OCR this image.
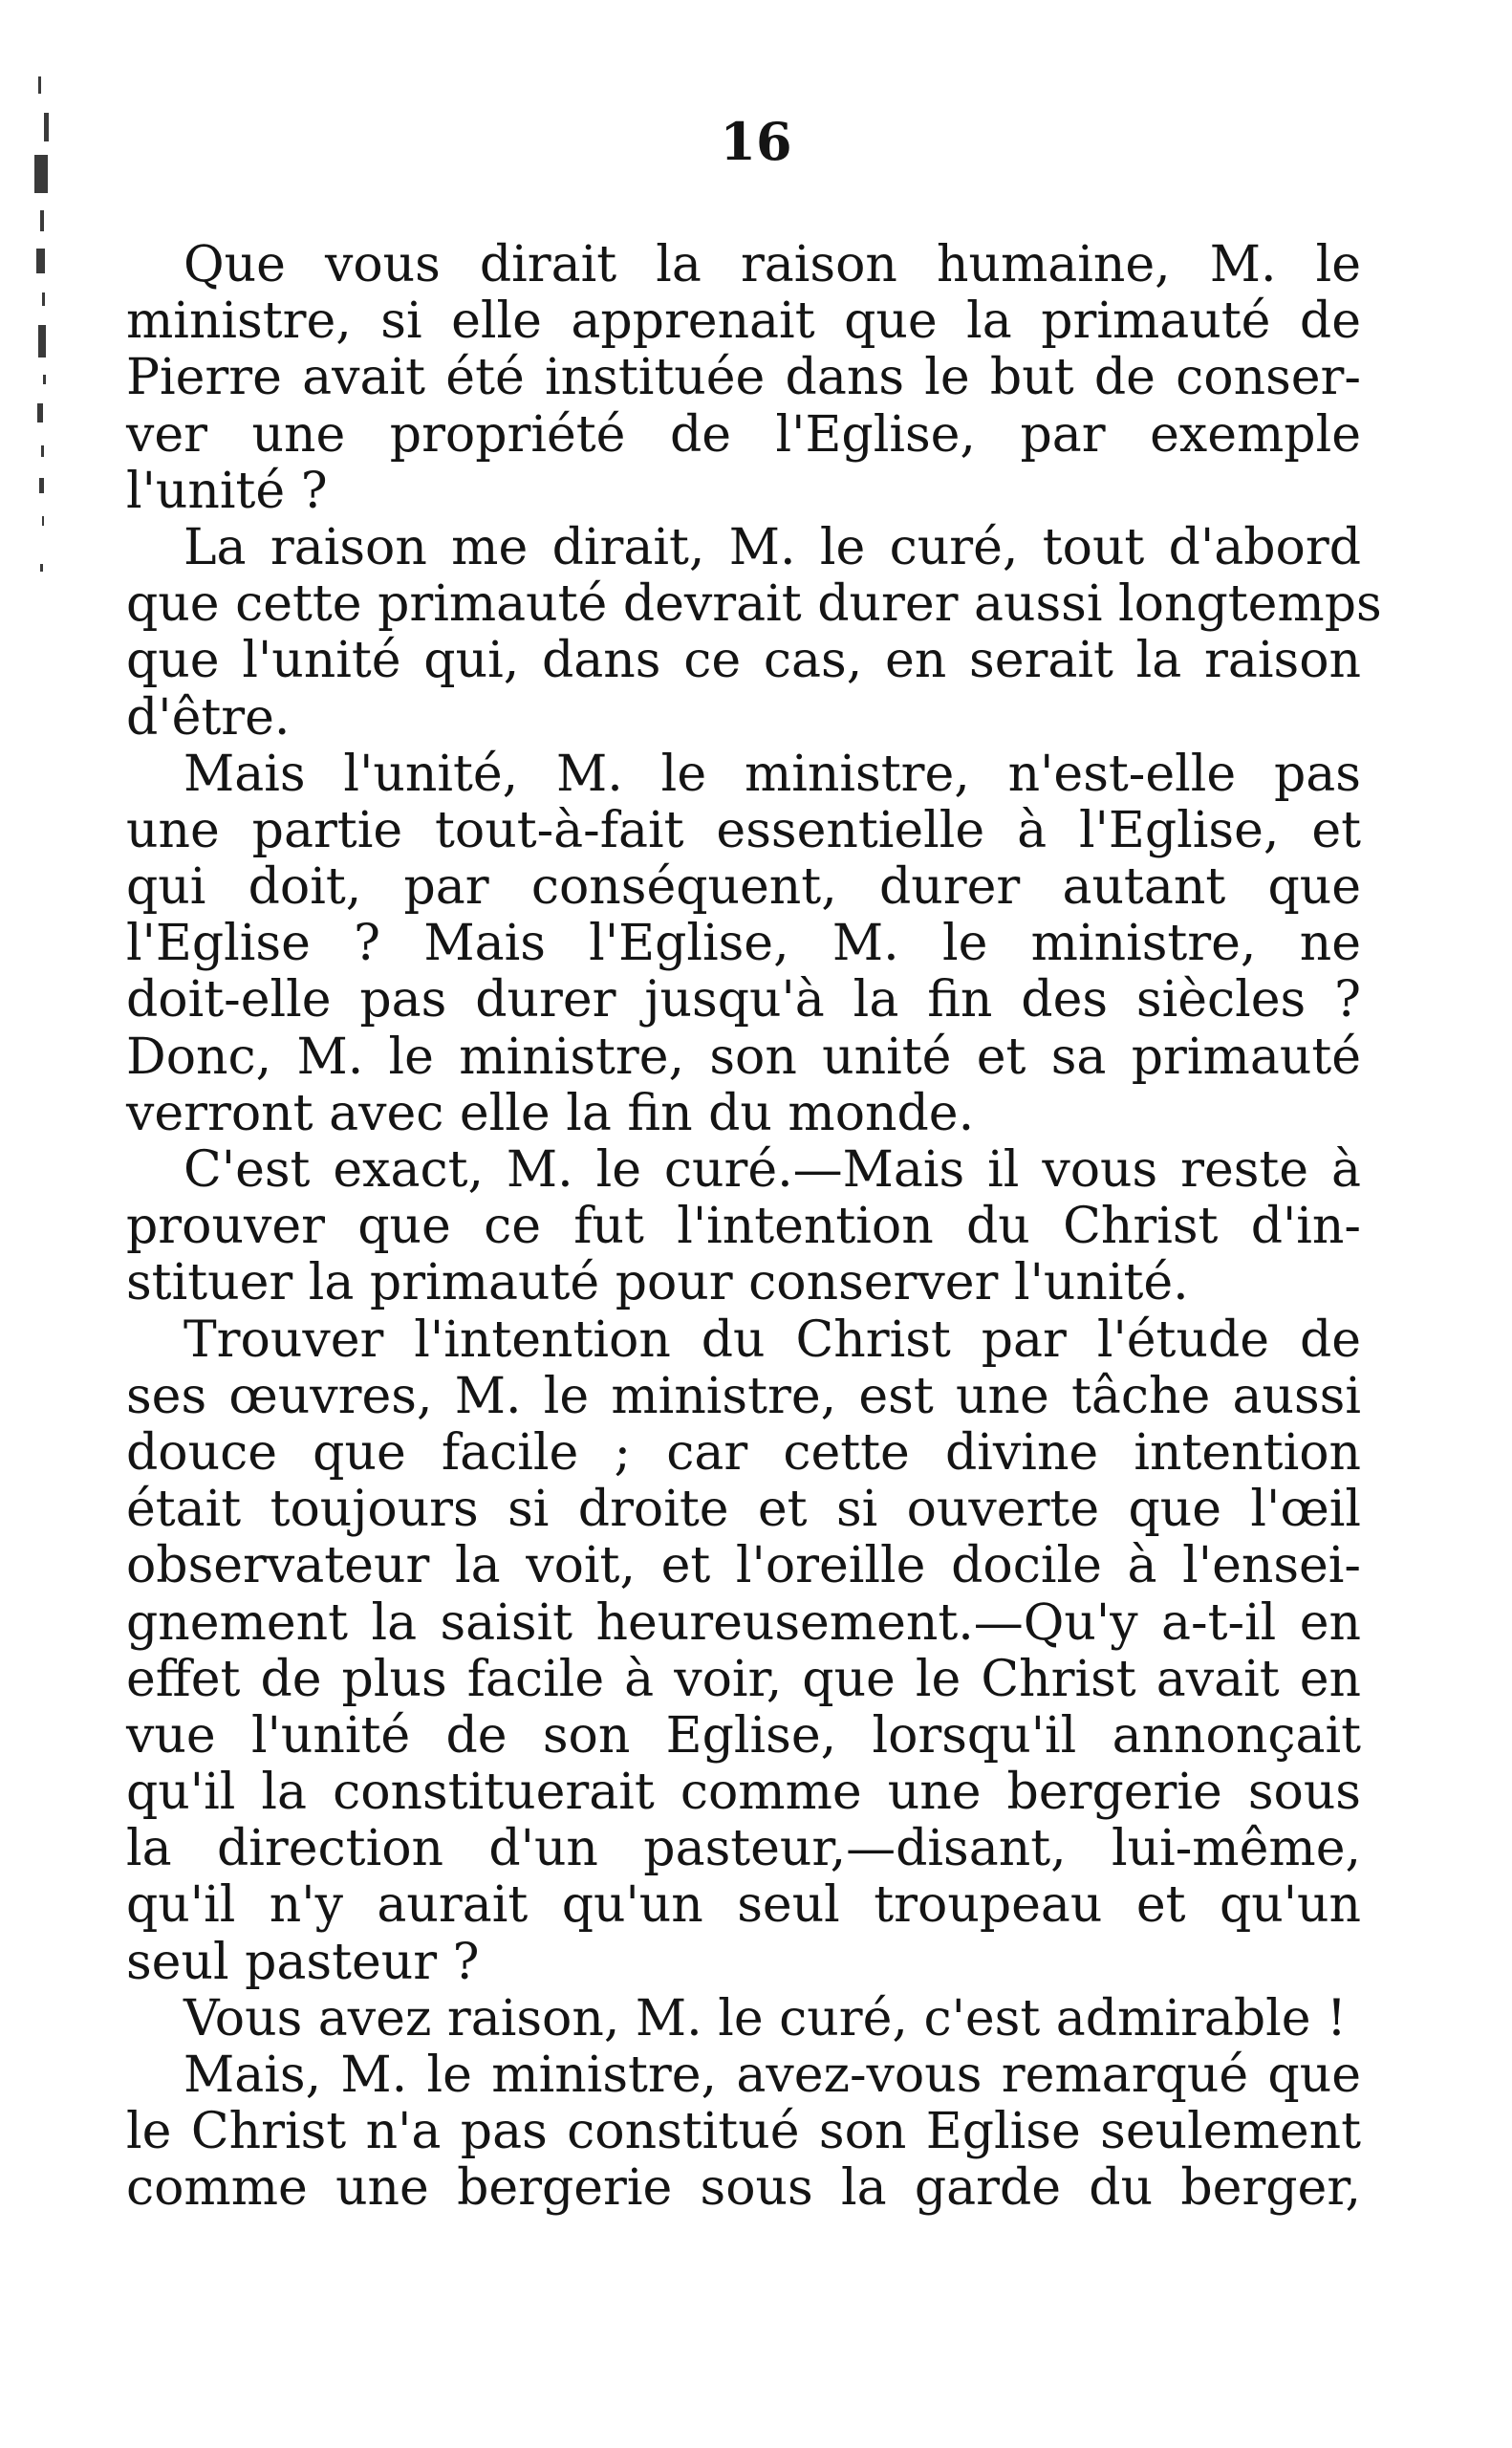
16
Que vous dirait la raison humaine, M. le
ministre, si elle apprenait que la primauté de
Pierre avait été instituée dans le but de conser-
ver une propriété de l'Eglise, par exemple
l'unité ?
La raison me dirait, M. le curé, tout d'abord
que cette primauté devrait durer aussi longtemps
que l'unité qui, dans ce cas, en serait la raison
d'être.
Mais l'unité, M. le ministre, n'est-elle pas
une partie tout-à-fait essentielle à l'Eglise, et
qui doit, par conséquent, durer autant que
l'Eglise ? Mais l'Eglise, M. le ministre, ne
doit-elle pas durer jusqu'à la fin des siècles ?
Donc, M. le ministre, son unité et sa primauté
verront avec elle la fin du monde.
C'est exact, M. le curé.—Mais il vous reste à
prouver que ce fut l'intention du Christ d'in-
stituer la primauté pour conserver l'unité.
Trouver l'intention du Christ par l'étude de
ses œuvres, M. le ministre, est une tâche aussi
douce que facile ; car cette divine intention
était toujours si droite et si ouverte que l'œil
observateur la voit, et l'oreille docile à l'ensei-
gnement la saisit heureusement.—Qu'y a-t-il en
effet de plus facile à voir, que le Christ avait en
vue l'unité de son Eglise, lorsqu'il annonçait
qu'il la constituerait comme une bergerie sous
la direction d'un pasteur,—disant, lui-même,
qu'il n'y aurait qu'un seul troupeau et qu'un
seul pasteur ?
Vous avez raison, M. le curé, c'est admirable !
Mais, M. le ministre, avez-vous remarqué que
le Christ n'a pas constitué son Eglise seulement
comme une bergerie sous la garde du berger,
